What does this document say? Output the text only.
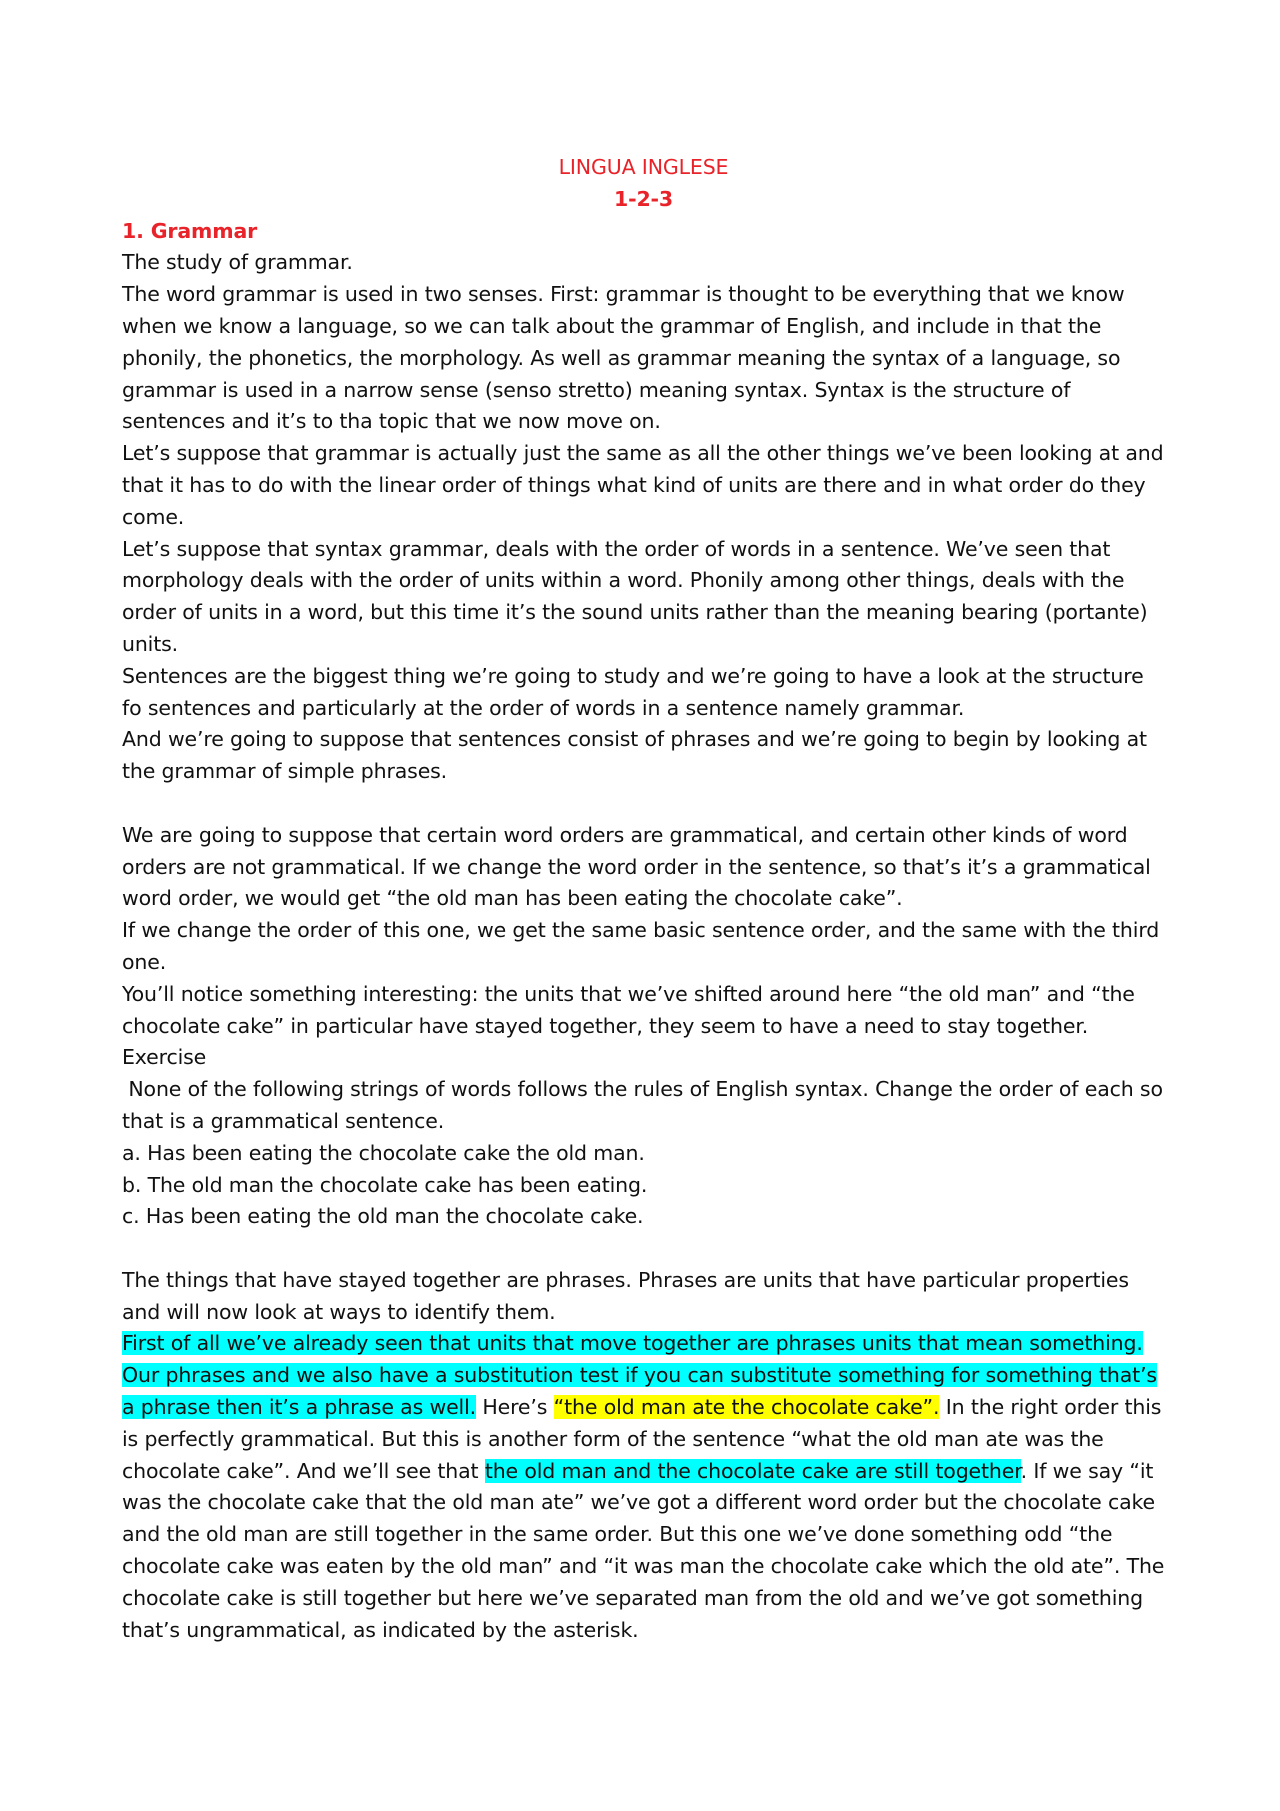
LINGUA INGLESE

1-2-3

1. Grammar

The study of grammar.

The word grammar is used in two senses. First: grammar is thought to be everything that we know when we know a language, so we can talk about the grammar of English, and include in that the phonily, the phonetics, the morphology. As well as grammar meaning the syntax of a language, so grammar is used in a narrow sense (senso stretto) meaning syntax. Syntax is the structure of sentences and it’s to tha topic that we now move on.

Let’s suppose that grammar is actually just the same as all the other things we’ve been looking at and that it has to do with the linear order of things what kind of units are there and in what order do they come.

Let’s suppose that syntax grammar, deals with the order of words in a sentence. We’ve seen that morphology deals with the order of units within a word. Phonily among other things, deals with the order of units in a word, but this time it’s the sound units rather than the meaning bearing (portante) units.

Sentences are the biggest thing we’re going to study and we’re going to have a look at the structure fo sentences and particularly at the order of words in a sentence namely grammar.

And we’re going to suppose that sentences consist of phrases and we’re going to begin by looking at the grammar of simple phrases.

We are going to suppose that certain word orders are grammatical, and certain other kinds of word orders are not grammatical. If we change the word order in the sentence, so that’s it’s a grammatical word order, we would get “the old man has been eating the chocolate cake”.

If we change the order of this one, we get the same basic sentence order, and the same with the third one.

You’ll notice something interesting: the units that we’ve shifted around here “the old man” and “the chocolate cake” in particular have stayed together, they seem to have a need to stay together.

Exercise

None of the following strings of words follows the rules of English syntax. Change the order of each so that is a grammatical sentence.

a. Has been eating the chocolate cake the old man.

b. The old man the chocolate cake has been eating.

c. Has been eating the old man the chocolate cake.

The things that have stayed together are phrases. Phrases are units that have particular properties and will now look at ways to identify them.

First of all we’ve already seen that units that move together are phrases units that mean something. Our phrases and we also have a substitution test if you can substitute something for something that’s a phrase then it’s a phrase as well. Here’s “the old man ate the chocolate cake”. In the right order this is perfectly grammatical. But this is another form of the sentence “what the old man ate was the chocolate cake”. And we’ll see that the old man and the chocolate cake are still together. If we say “it was the chocolate cake that the old man ate” we’ve got a different word order but the chocolate cake and the old man are still together in the same order. But this one we’ve done something odd “the chocolate cake was eaten by the old man” and “it was man the chocolate cake which the old ate”. The chocolate cake is still together but here we’ve separated man from the old and we’ve got something that’s ungrammatical, as indicated by the asterisk.
